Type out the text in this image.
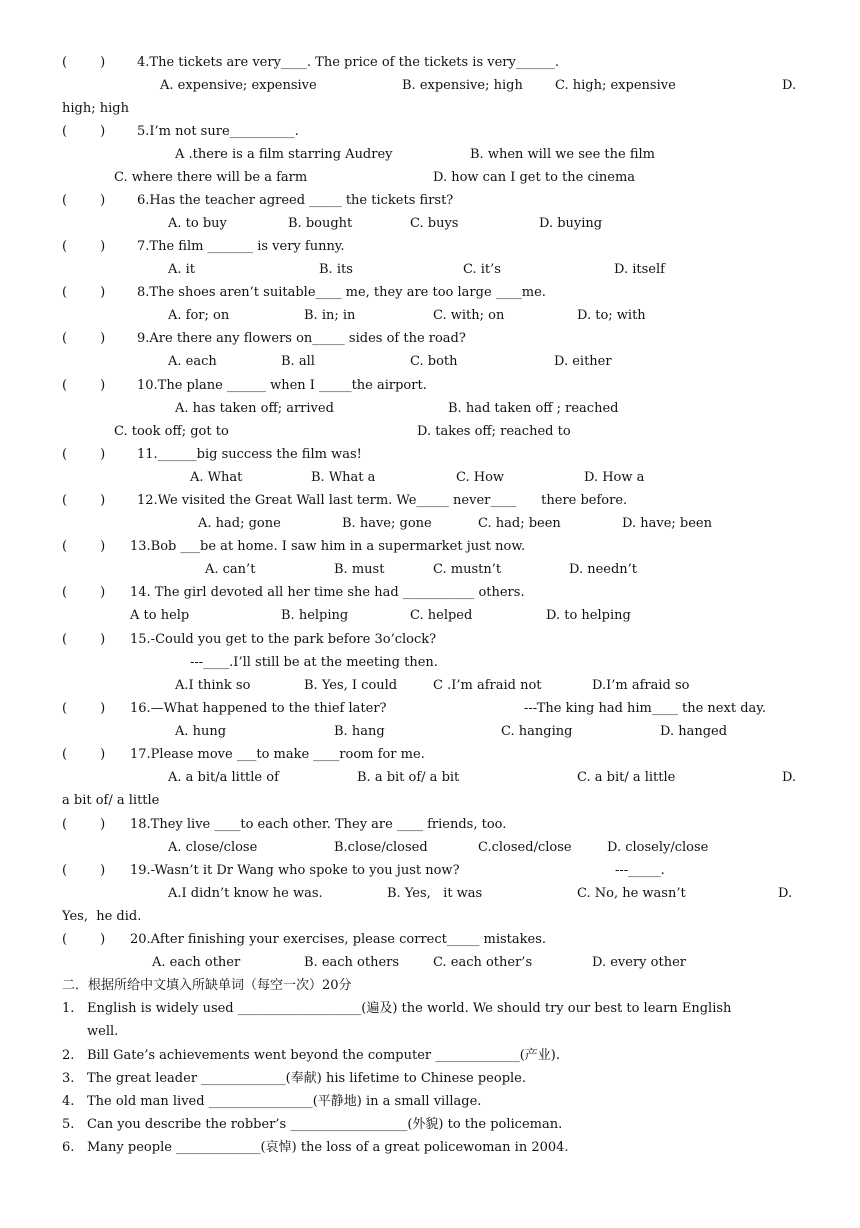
(        )

4.The tickets are very____. The price of the tickets is very______.

A. expensive; expensive

	B. expensive; high

C. high; expensive

	D.

high; high

(        )

5.I’m not sure__________.

A .there is a film starring Audrey

	B. when will we see the film

C. where there will be a farm

	D. how can I get to the cinema

(        )

6.Has the teacher agreed _____ the tickets first?

A. to buy

	B. bought

	C. buys

	D. buying

(        )

7.The film _______ is very funny.

A. it

	B. its

	C. it’s

	D. itself

(        )

8.The shoes aren’t suitable____ me, they are too large ____me.

A. for; on

	B. in; in

	C. with; on

	D. to; with

(        )

9.Are there any flowers on_____ sides of the road?

A. each

	B. all

	C. both

	D. either

(        )

10.The plane ______ when I _____the airport.

A. has taken off; arrived

	B. had taken off ; reached

C. took off; got to

	D. takes off; reached to

(        )

11.______big success the film was!

A. What

	B. What a

	C. How

	D. How a

(        )

12.We visited the Great Wall last term. We_____ never____      there before.

A. had; gone

	B. have; gone

	C. had; been

	D. have; been

(        )

13.Bob ___be at home. I saw him in a supermarket just now.

A. can’t

	B. must

	C. mustn’t

	D. needn’t

(        )

14. The girl devoted all her time she had ___________ others.

A to help

	B. helping

	C. helped

	D. to helping

(        )

15.-Could you get to the park before 3o’clock?

---____.I’ll still be at the meeting then.

A.I think so

	B. Yes, I could

	C .I’m afraid not

	D.I’m afraid so

(        )

16.—What happened to the thief later?

	---The king had him____ the next day.

A. hung

	B. hang

	C. hanging

	D. hanged

(        )

17.Please move ___to make ____room for me.

A. a bit/a little of

	B. a bit of/ a bit

	C. a bit/ a little

	D.

a bit of/ a little

(        )

18.They live ____to each other. They are ____ friends, too.

A. close/close

	B.close/closed

	C.closed/close

	D. closely/close

(        )

19.-Wasn’t it Dr Wang who spoke to you just now?

	---_____.

A.I didn’t know he was.

	B. Yes,   it was

	C. No, he wasn’t

	D.

Yes,  he did.

(        )

20.After finishing your exercises, please correct_____ mistakes.

A. each other

	B. each others

	C. each other’s

	D. every other

二．根据所给中文填入所缺单词（每空一次）20分

1.

English is widely used ___________________(遍及) the world. We should try our best to learn English

well.

2.

Bill Gate’s achievements went beyond the computer _____________(产业).

3.

The great leader _____________(奉献) his lifetime to Chinese people.

4.

The old man lived ________________(平静地) in a small village.

5.

Can you describe the robber’s __________________(外貌) to the policeman.

6.

Many people _____________(哀悼) the loss of a great policewoman in 2004.
